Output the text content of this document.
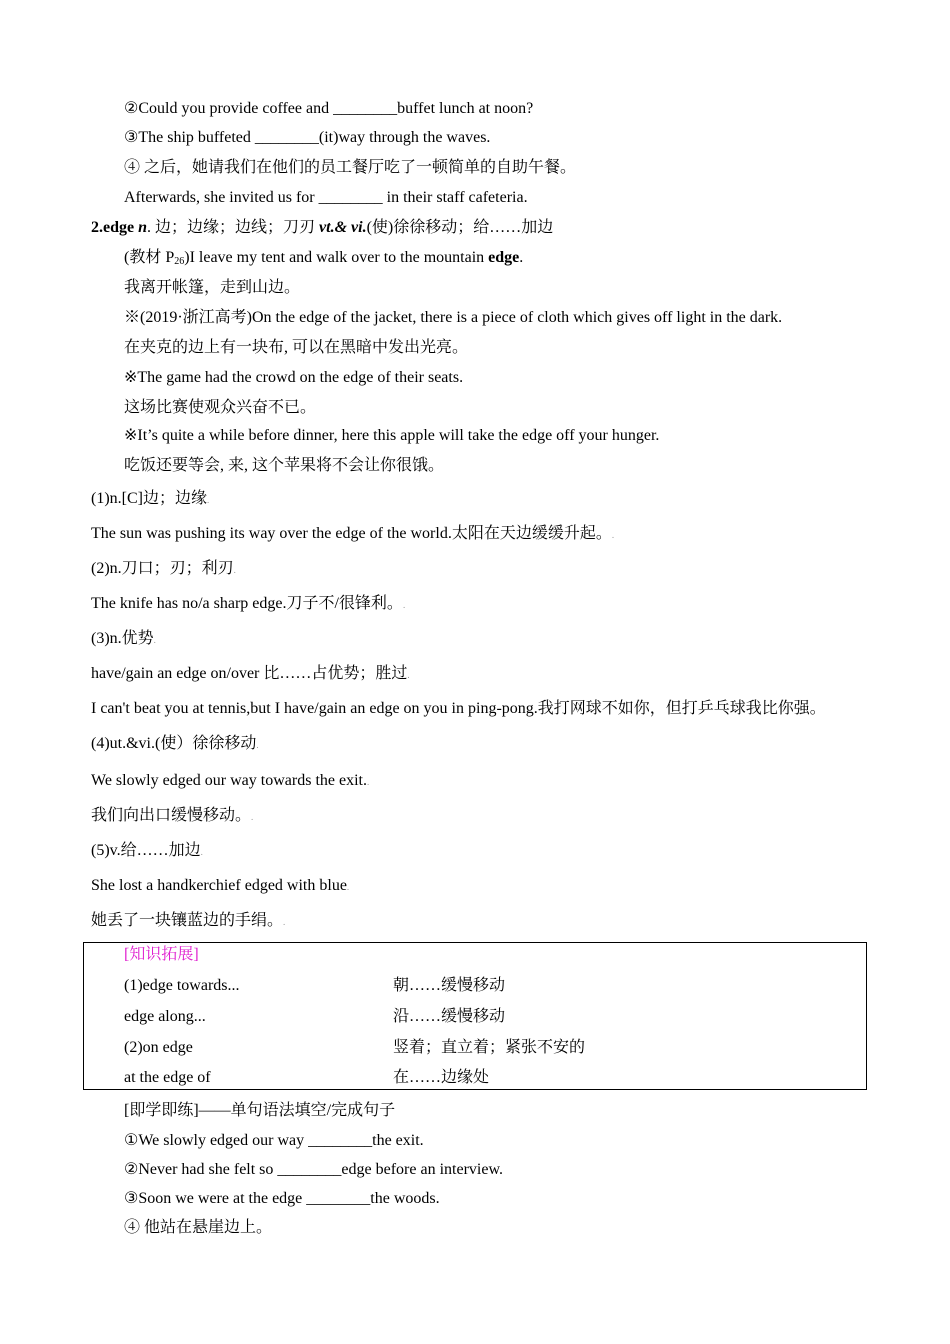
②Could you provide coffee and ________buffet lunch at noon?
③The ship buffeted ________(it)way through the waves.
④ 之后，她请我们在他们的员工餐厅吃了一顿简单的自助午餐。
Afterwards, she invited us for ________ in their staff cafeteria.
2.edge n. 边；边缘；边线；刀刃 vt.& vi.(使)徐徐移动；给……加边
(教材 $P_{26})I$ leave my tent and walk over to the mountain edge.
我离开帐篷，走到山边。
※(2019·浙江高考)On the edge of the jacket, there is a piece of cloth which gives off light in the dark.
在夹克的边上有一块布, 可以在黑暗中发出光亮。
※The game had the crowd on the edge of their seats.
这场比赛使观众兴奋不已。
※It’s quite a while before dinner, here this apple will take the edge off your hunger.
吃饭还要等会, 来, 这个苹果将不会让你很饿。
(1)n.[C]边；边缘.
The sun was pushing its way over the edge of the world.太阳在天边缓缓升起。.
(2)n.刀口；刃；利刃.
The knife has no/a sharp edge.刀子不/很锋利。.
(3)n.优势.
have/gain an edge on/over 比……占优势；胜过.
I can't beat you at tennis,but I have/gain an edge on you in ping-pong.我打网球不如你，但打乒乓球我比你强。
(4)ut.&vi.(使）徐徐移动.
We slowly edged our way towards the exit..
我们向出口缓慢移动。.
(5)v.给……加边.
She lost a handkerchief edged with blue.
她丢了一块镶蓝边的手绢。.
[知识拓展]
(1)edge towards...	朝……缓慢移动
edge along...	沿……缓慢移动
(2)on edge	竖着；直立着；紧张不安的
at the edge of	在……边缘处
[即学即练]——单句语法填空/完成句子
①We slowly edged our way ________the exit.
②Never had she felt so ________edge before an interview.
③Soon we were at the edge ________the woods.
④ 他站在悬崖边上。
